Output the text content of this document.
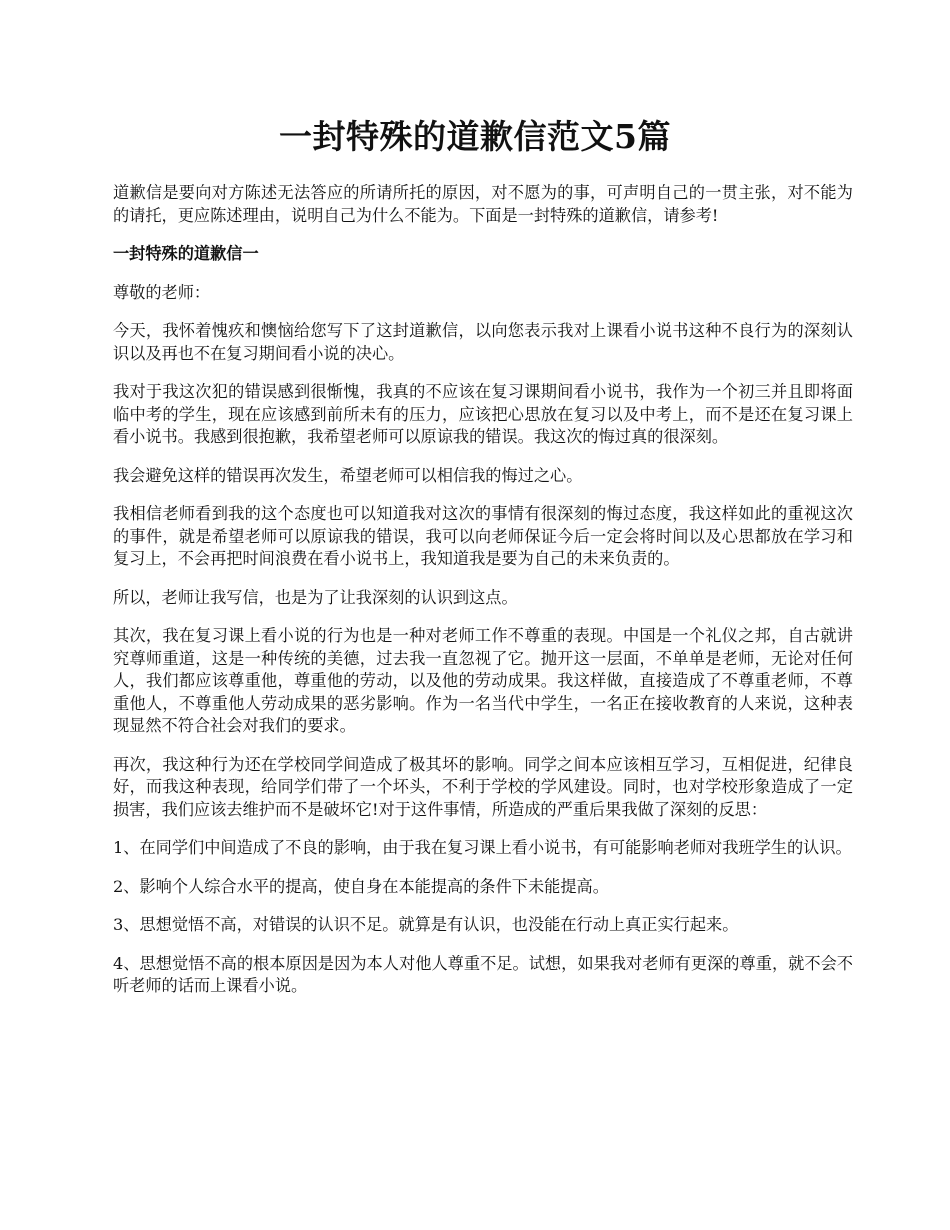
一封特殊的道歉信范文5篇

道歉信是要向对方陈述无法答应的所请所托的原因，对不愿为的事，可声明自己的一贯主张，对不能为的请托，更应陈述理由，说明自己为什么不能为。下面是一封特殊的道歉信，请参考!

一封特殊的道歉信一

尊敬的老师：

今天，我怀着愧疚和懊恼给您写下了这封道歉信，以向您表示我对上课看小说书这种不良行为的深刻认识以及再也不在复习期间看小说的决心。

我对于我这次犯的错误感到很惭愧，我真的不应该在复习课期间看小说书，我作为一个初三并且即将面临中考的学生，现在应该感到前所未有的压力，应该把心思放在复习以及中考上，而不是还在复习课上看小说书。我感到很抱歉，我希望老师可以原谅我的错误。我这次的悔过真的很深刻。

我会避免这样的错误再次发生，希望老师可以相信我的悔过之心。

我相信老师看到我的这个态度也可以知道我对这次的事情有很深刻的悔过态度，我这样如此的重视这次的事件，就是希望老师可以原谅我的错误，我可以向老师保证今后一定会将时间以及心思都放在学习和复习上，不会再把时间浪费在看小说书上，我知道我是要为自己的未来负责的。

所以，老师让我写信，也是为了让我深刻的认识到这点。

其次，我在复习课上看小说的行为也是一种对老师工作不尊重的表现。中国是一个礼仪之邦，自古就讲究尊师重道，这是一种传统的美德，过去我一直忽视了它。抛开这一层面，不单单是老师，无论对任何人，我们都应该尊重他，尊重他的劳动，以及他的劳动成果。我这样做，直接造成了不尊重老师，不尊重他人，不尊重他人劳动成果的恶劣影响。作为一名当代中学生，一名正在接收教育的人来说，这种表现显然不符合社会对我们的要求。

再次，我这种行为还在学校同学间造成了极其坏的影响。同学之间本应该相互学习，互相促进，纪律良好，而我这种表现，给同学们带了一个坏头，不利于学校的学风建设。同时，也对学校形象造成了一定损害，我们应该去维护而不是破坏它!对于这件事情，所造成的严重后果我做了深刻的反思：

1、在同学们中间造成了不良的影响，由于我在复习课上看小说书，有可能影响老师对我班学生的认识。

2、影响个人综合水平的提高，使自身在本能提高的条件下未能提高。

3、思想觉悟不高，对错误的认识不足。就算是有认识，也没能在行动上真正实行起来。

4、思想觉悟不高的根本原因是因为本人对他人尊重不足。试想，如果我对老师有更深的尊重，就不会不听老师的话而上课看小说。
